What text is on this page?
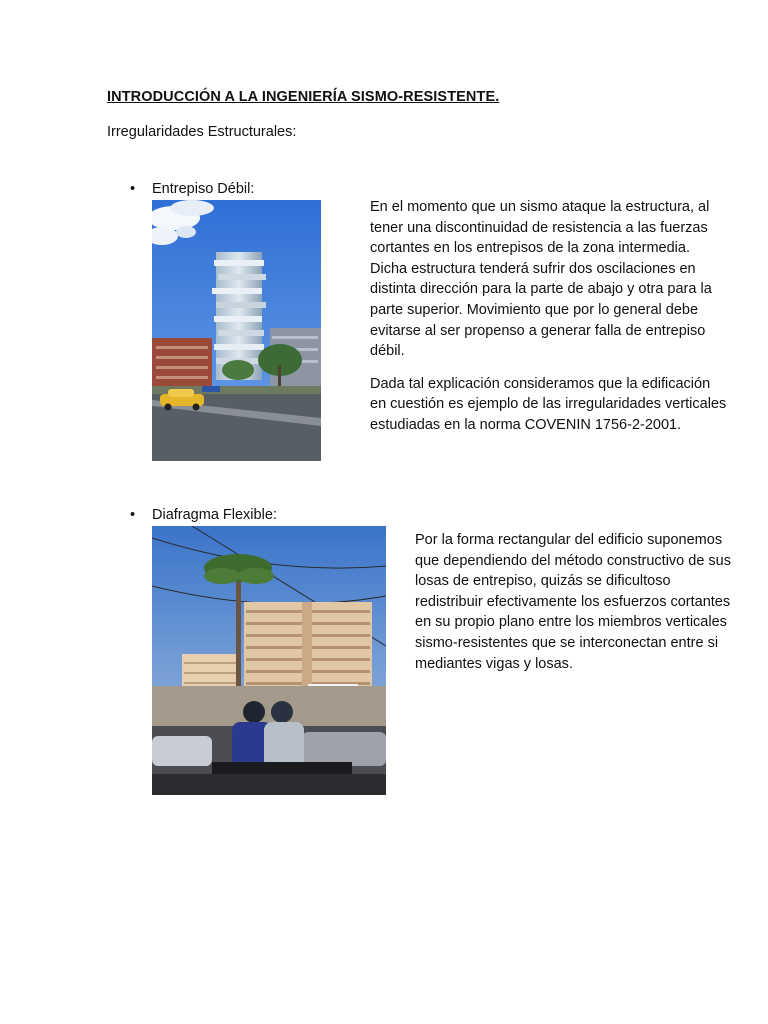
INTRODUCCIÓN A LA INGENIERÍA SISMO-RESISTENTE.
Irregularidades Estructurales:
• Entrepiso Débil:

En el momento que un sismo ataque la estructura, al tener una discontinuidad de resistencia a las fuerzas cortantes en los entrepisos de la zona intermedia. Dicha estructura tenderá sufrir dos oscilaciones en distinta dirección para la parte de abajo y otra para la parte superior. Movimiento que por lo general debe evitarse al ser propenso a generar falla de entrepiso débil.

Dada tal explicación consideramos que la edificación en cuestión es ejemplo de las irregularidades verticales estudiadas en la norma COVENIN 1756-2-2001.

• Diafragma Flexible:

Por la forma rectangular del edificio suponemos que dependiendo del método constructivo de sus losas de entrepiso, quizás se dificultoso redistribuir efectivamente los esfuerzos cortantes en su propio plano entre los miembros verticales sismo-resistentes que se interconectan entre si mediantes vigas y losas.
